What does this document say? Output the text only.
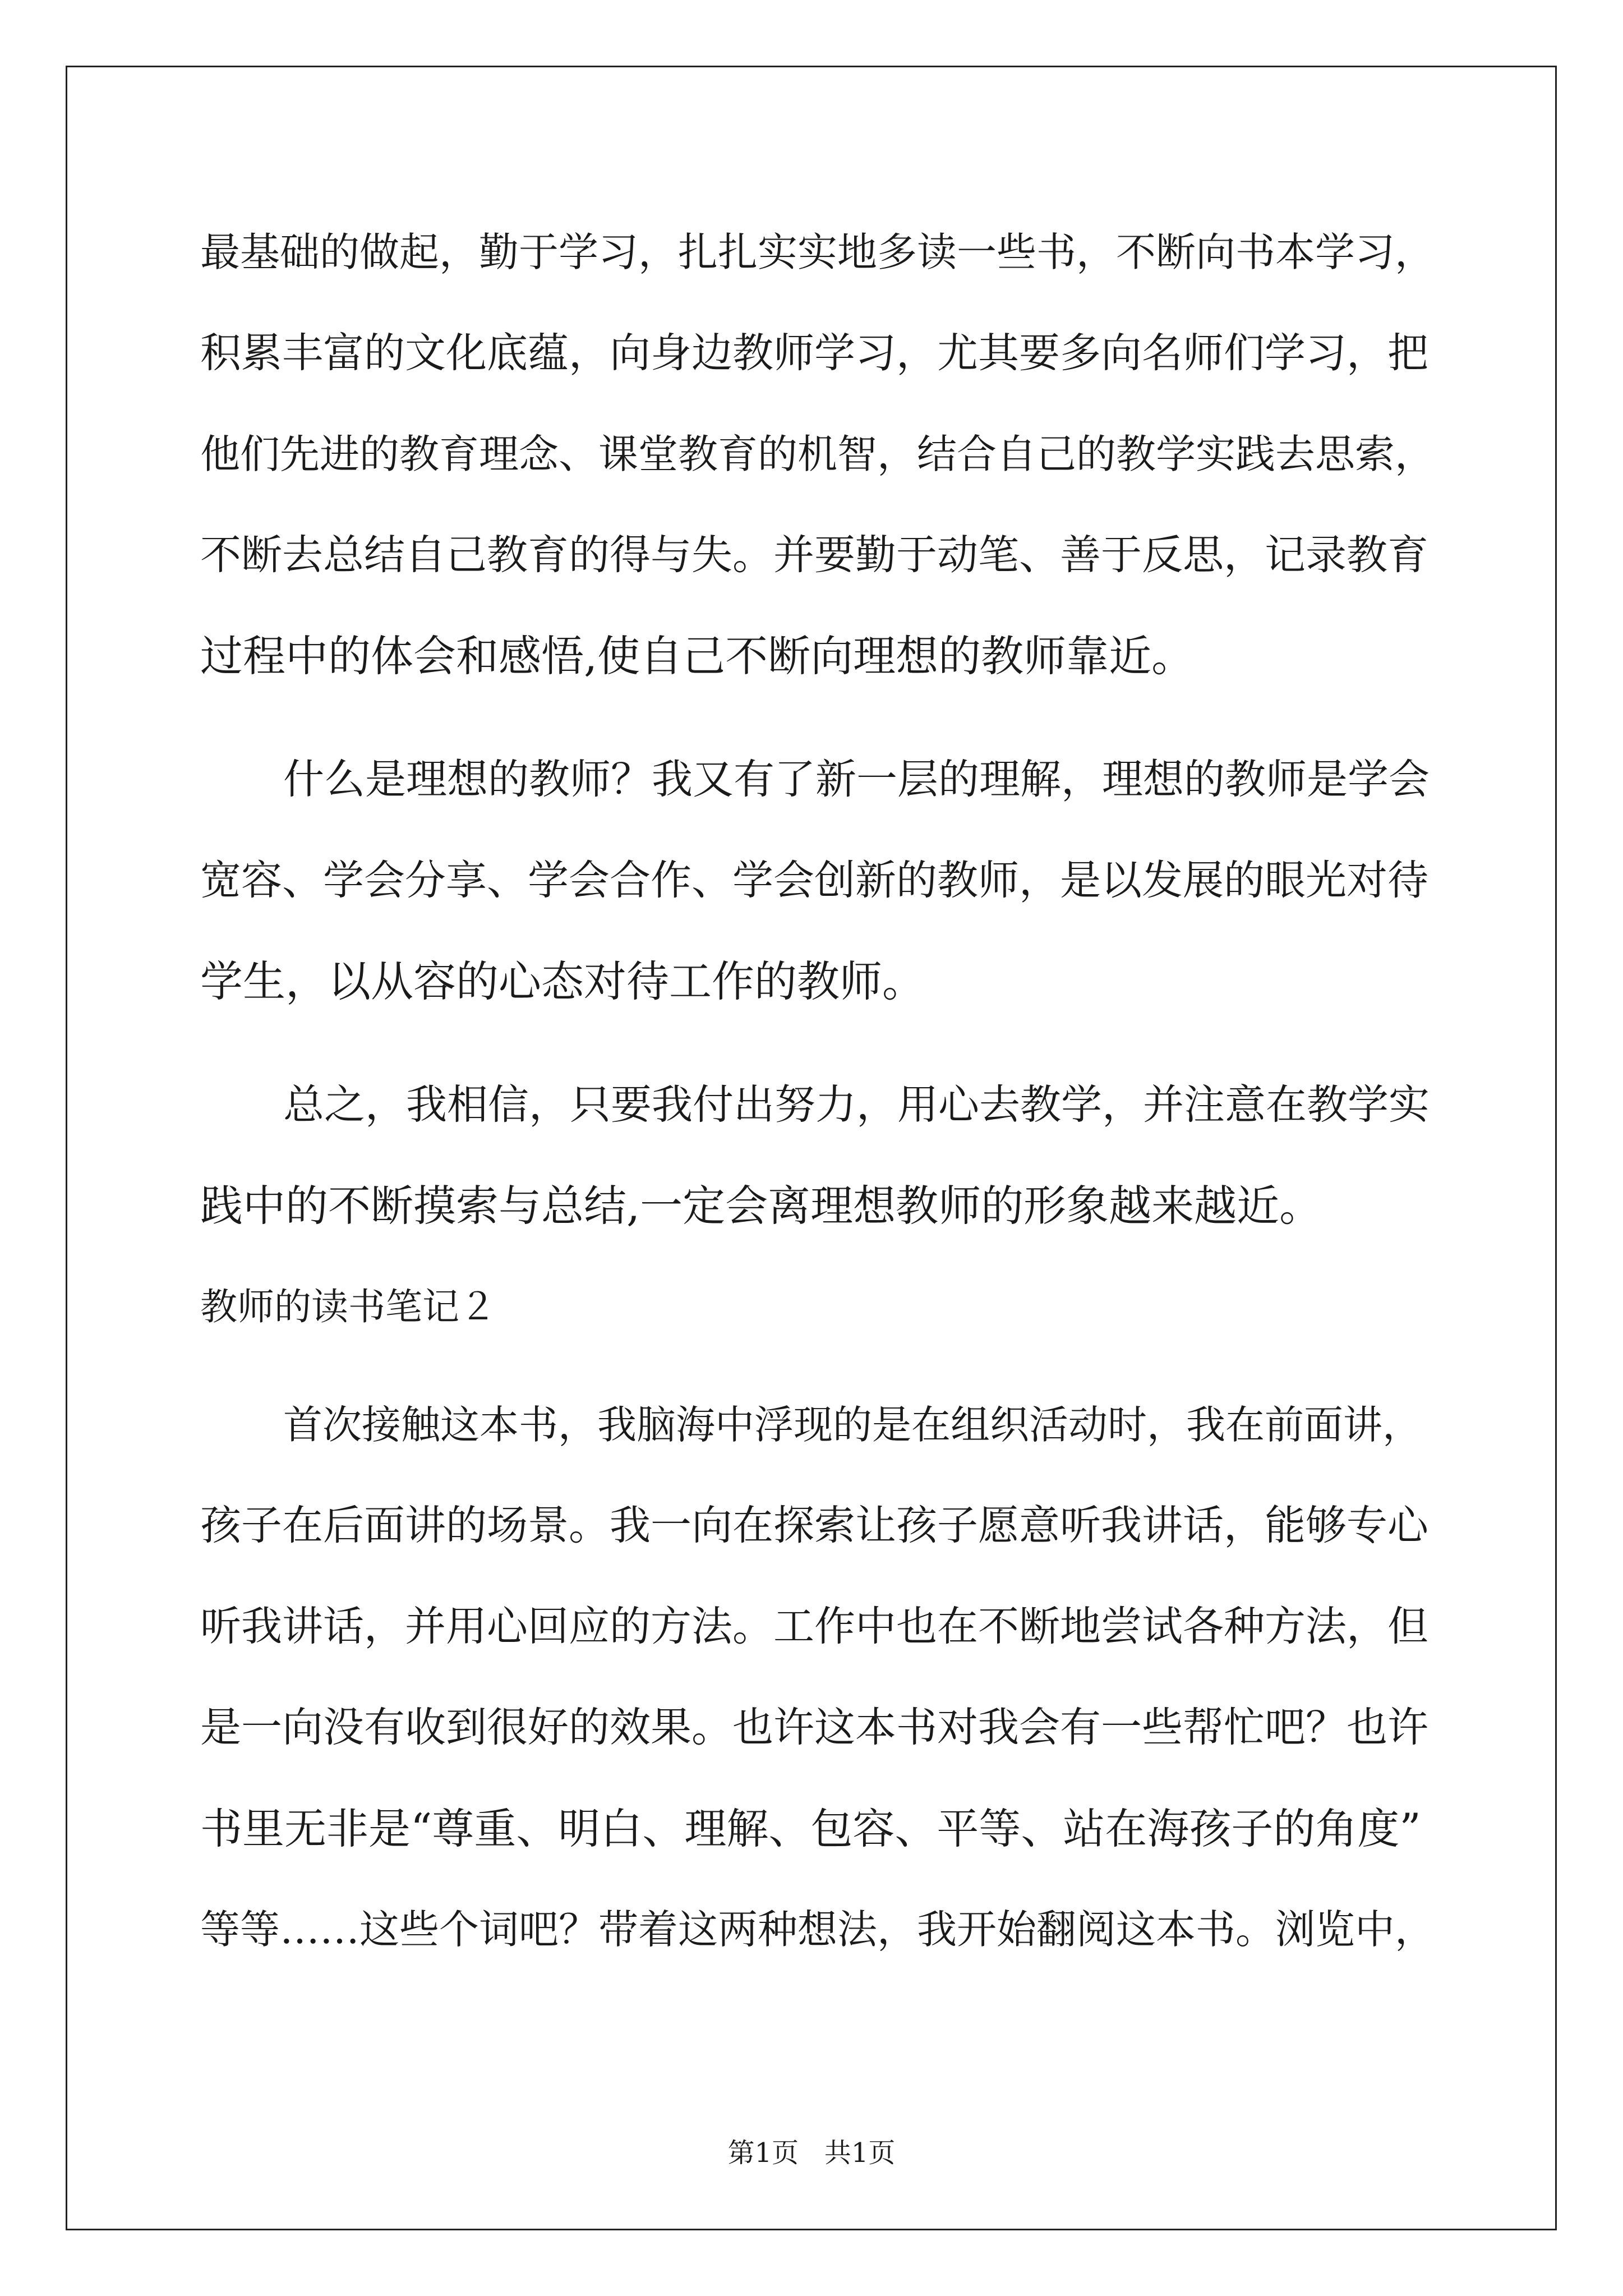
最基础的做起，勤于学习，扎扎实实地多读一些书，不断向书本学习，
积累丰富的文化底蕴，向身边教师学习，尤其要多向名师们学习，把
他们先进的教育理念、课堂教育的机智，结合自己的教学实践去思索，
不断去总结自己教育的得与失。并要勤于动笔、善于反思，记录教育
过程中的体会和感悟,使自己不断向理想的教师靠近。
什么是理想的教师？我又有了新一层的理解，理想的教师是学会
宽容、学会分享、学会合作、学会创新的教师，是以发展的眼光对待
学生，以从容的心态对待工作的教师。
总之，我相信，只要我付出努力，用心去教学，并注意在教学实
践中的不断摸索与总结,一定会离理想教师的形象越来越近。
教师的读书笔记２
首次接触这本书，我脑海中浮现的是在组织活动时，我在前面讲，
孩子在后面讲的场景。我一向在探索让孩子愿意听我讲话，能够专心
听我讲话，并用心回应的方法。工作中也在不断地尝试各种方法，但
是一向没有收到很好的效果。也许这本书对我会有一些帮忙吧？也许
书里无非是“尊重、明白、理解、包容、平等、站在海孩子的角度”
等等……这些个词吧？带着这两种想法，我开始翻阅这本书。浏览中，
第1页   共1页
